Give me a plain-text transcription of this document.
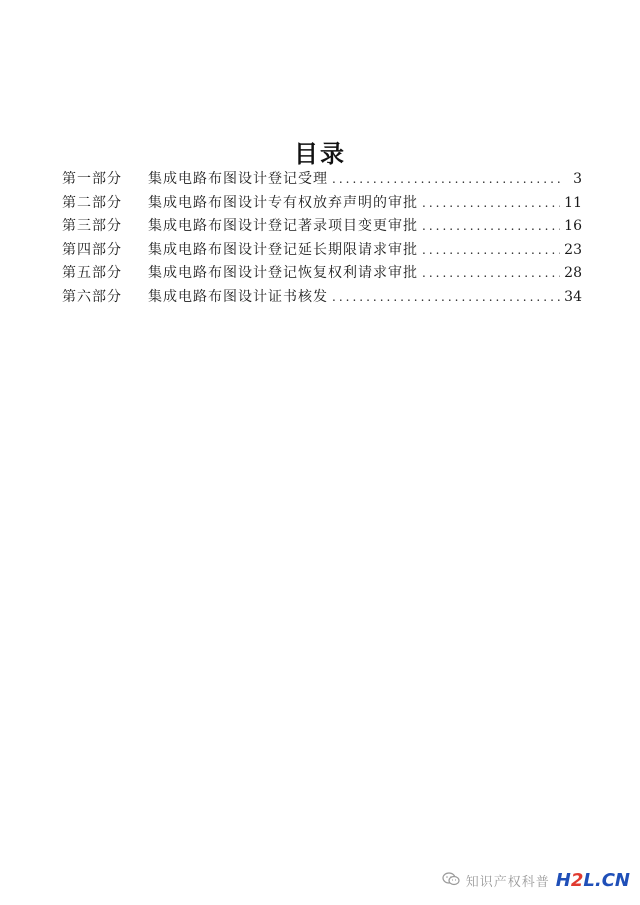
目录
第一部分	集成电路布图设计登记受理 .....	3
第二部分	集成电路布图设计专有权放弃声明的审批 .....	11
第三部分	集成电路布图设计登记著录项目变更审批 .....	16
第四部分	集成电路布图设计登记延长期限请求审批 .....	23
第五部分	集成电路布图设计登记恢复权利请求审批 .....	28
第六部分	集成电路布图设计证书核发 .....	34
知识产权科普 H2L.CN
